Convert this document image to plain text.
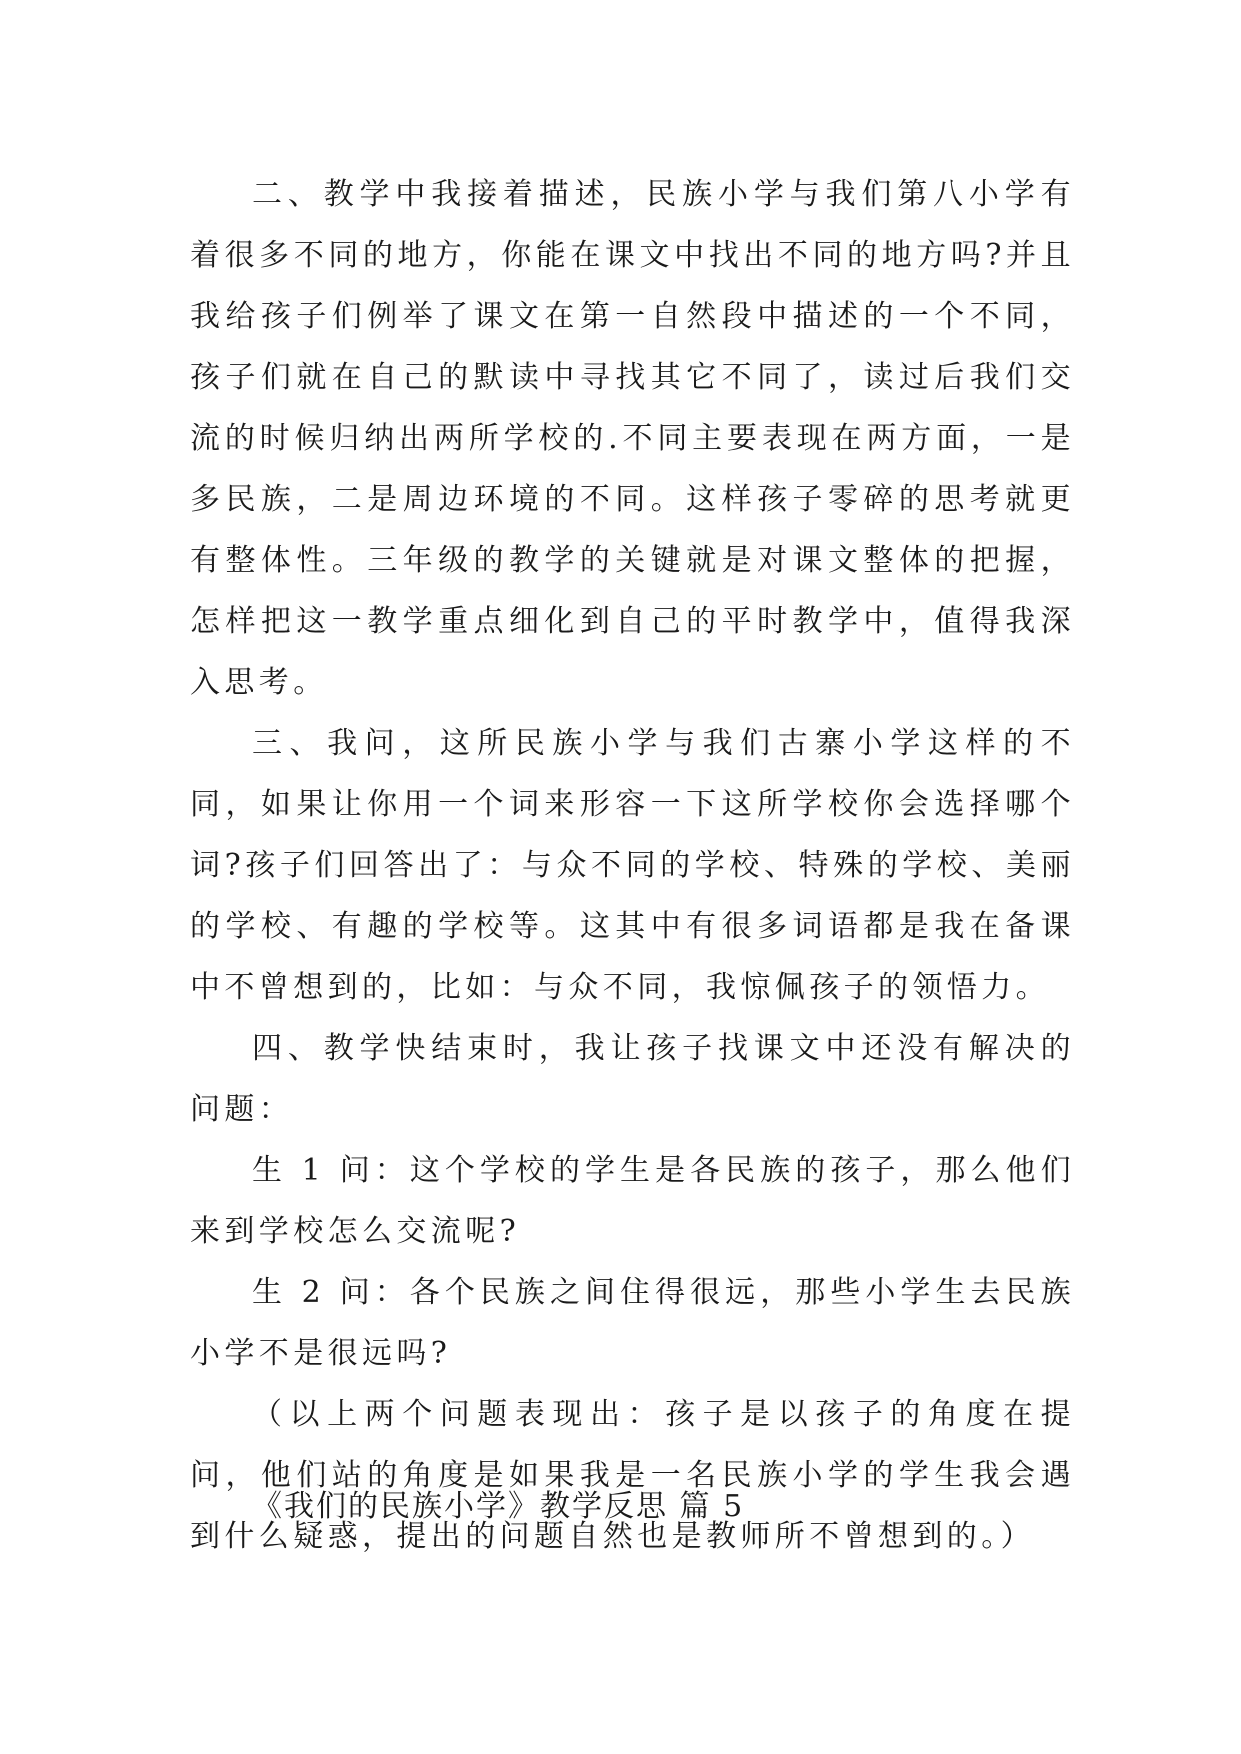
二、教学中我接着描述，民族小学与我们第八小学有着很多不同的地方，你能在课文中找出不同的地方吗?并且我给孩子们例举了课文在第一自然段中描述的一个不同，孩子们就在自己的默读中寻找其它不同了，读过后我们交流的时候归纳出两所学校的.不同主要表现在两方面，一是多民族，二是周边环境的不同。这样孩子零碎的思考就更有整体性。三年级的教学的关键就是对课文整体的把握，怎样把这一教学重点细化到自己的平时教学中，值得我深入思考。

三、我问，这所民族小学与我们古寨小学这样的不同，如果让你用一个词来形容一下这所学校你会选择哪个词?孩子们回答出了：与众不同的学校、特殊的学校、美丽的学校、有趣的学校等。这其中有很多词语都是我在备课中不曾想到的，比如：与众不同，我惊佩孩子的领悟力。

四、教学快结束时，我让孩子找课文中还没有解决的问题：

生 1 问：这个学校的学生是各民族的孩子，那么他们来到学校怎么交流呢?

生 2 问：各个民族之间住得很远，那些小学生去民族小学不是很远吗?

（以上两个问题表现出：孩子是以孩子的角度在提问，他们站的角度是如果我是一名民族小学的学生我会遇到什么疑惑，提出的问题自然也是教师所不曾想到的。）

《我们的民族小学》教学反思 篇 5
